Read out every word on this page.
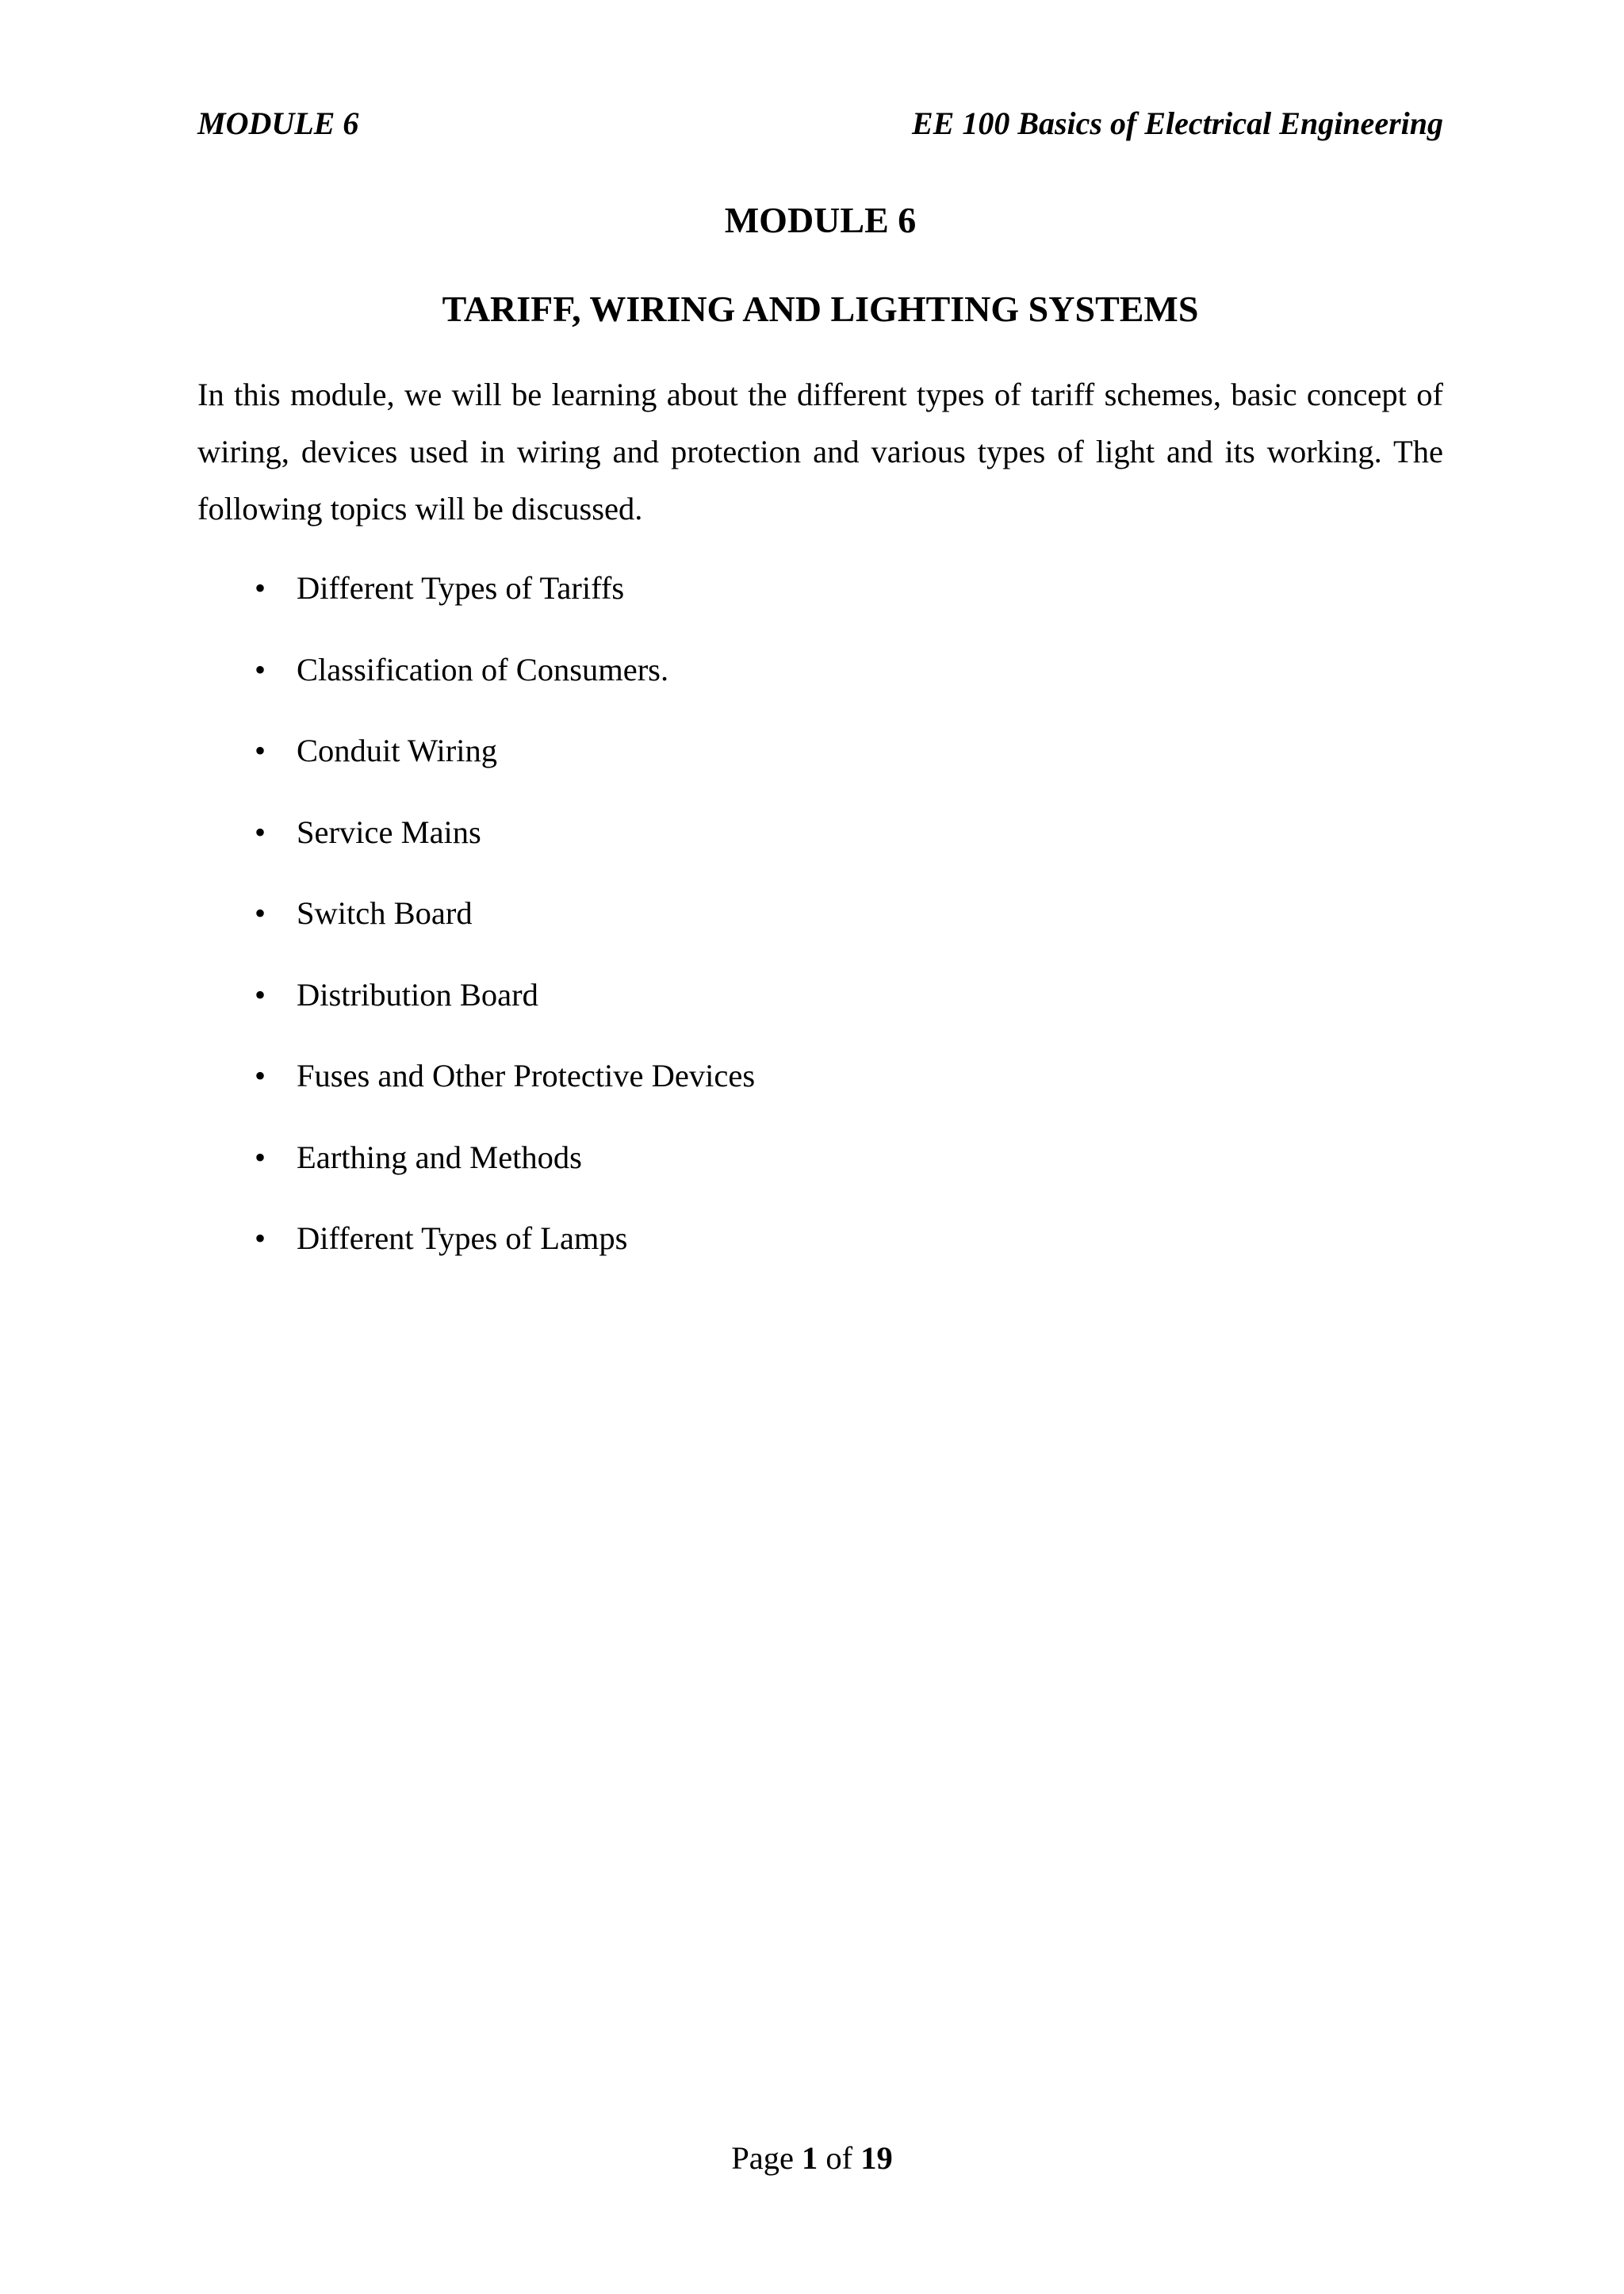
MODULE 6	EE 100 Basics of Electrical Engineering
MODULE 6
TARIFF, WIRING AND LIGHTING SYSTEMS

In this module, we will be learning about the different types of tariff schemes, basic concept of wiring, devices used in wiring and protection and various types of light and its working. The following topics will be discussed.

• Different Types of Tariffs
• Classification of Consumers.
• Conduit Wiring
• Service Mains
• Switch Board
• Distribution Board
• Fuses and Other Protective Devices
• Earthing and Methods
• Different Types of Lamps
Page 1 of 19
